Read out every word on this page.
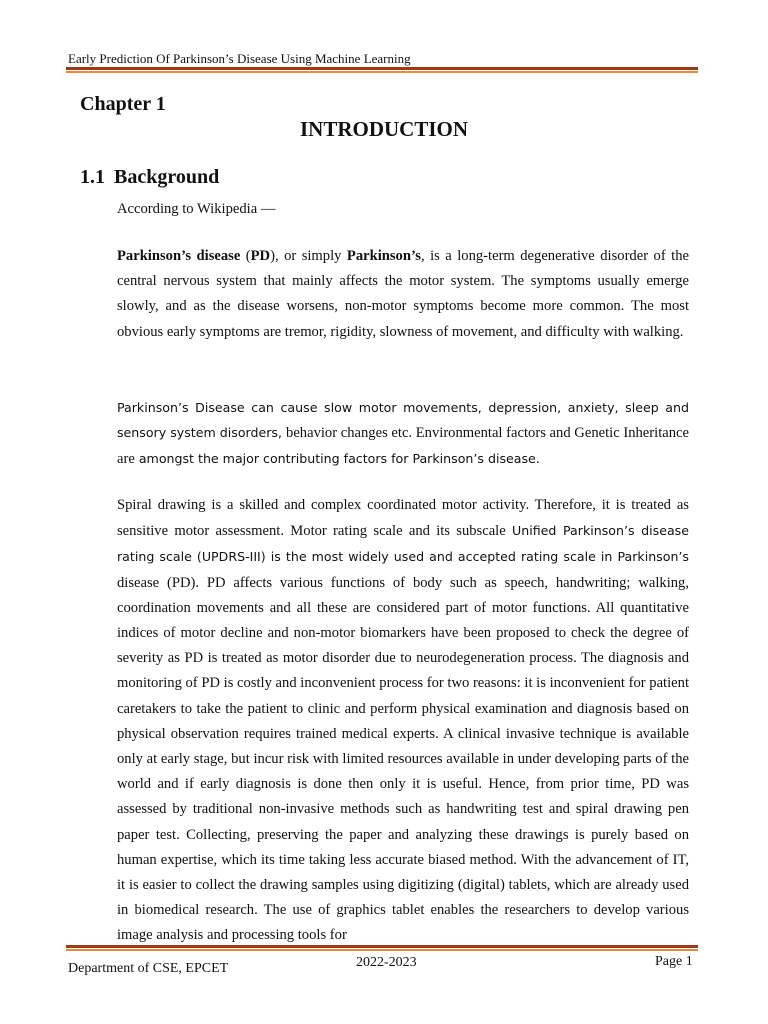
Early Prediction Of Parkinson’s Disease Using Machine Learning
Chapter 1
INTRODUCTION
1.1 Background
According to Wikipedia —
Parkinson’s disease (PD), or simply Parkinson’s, is a long-term degenerative disorder of the central nervous system that mainly affects the motor system. The symptoms usually emerge slowly, and as the disease worsens, non-motor symptoms become more common. The most obvious early symptoms are tremor, rigidity, slowness of movement, and difficulty with walking.
Parkinson’s Disease can cause slow motor movements, depression, anxiety, sleep and sensory system disorders, behavior changes etc. Environmental factors and Genetic Inheritance are amongst the major contributing factors for Parkinson’s disease.
Spiral drawing is a skilled and complex coordinated motor activity. Therefore, it is treated as sensitive motor assessment. Motor rating scale and its subscale Unified Parkinson’s disease rating scale (UPDRS-III) is the most widely used and accepted rating scale in Parkinson’s disease (PD). PD affects various functions of body such as speech, handwriting; walking, coordination movements and all these are considered part of motor functions. All quantitative indices of motor decline and non-motor biomarkers have been proposed to check the degree of severity as PD is treated as motor disorder due to neurodegeneration process. The diagnosis and monitoring of PD is costly and inconvenient process for two reasons: it is inconvenient for patient caretakers to take the patient to clinic and perform physical examination and diagnosis based on physical observation requires trained medical experts. A clinical invasive technique is available only at early stage, but incur risk with limited resources available in under developing parts of the world and if early diagnosis is done then only it is useful. Hence, from prior time, PD was assessed by traditional non-invasive methods such as handwriting test and spiral drawing pen paper test. Collecting, preserving the paper and analyzing these drawings is purely based on human expertise, which its time taking less accurate biased method. With the advancement of IT, it is easier to collect the drawing samples using digitizing (digital) tablets, which are already used in biomedical research. The use of graphics tablet enables the researchers to develop various image analysis and processing tools for
Department of CSE, EPCET	2022-2023	Page 1
